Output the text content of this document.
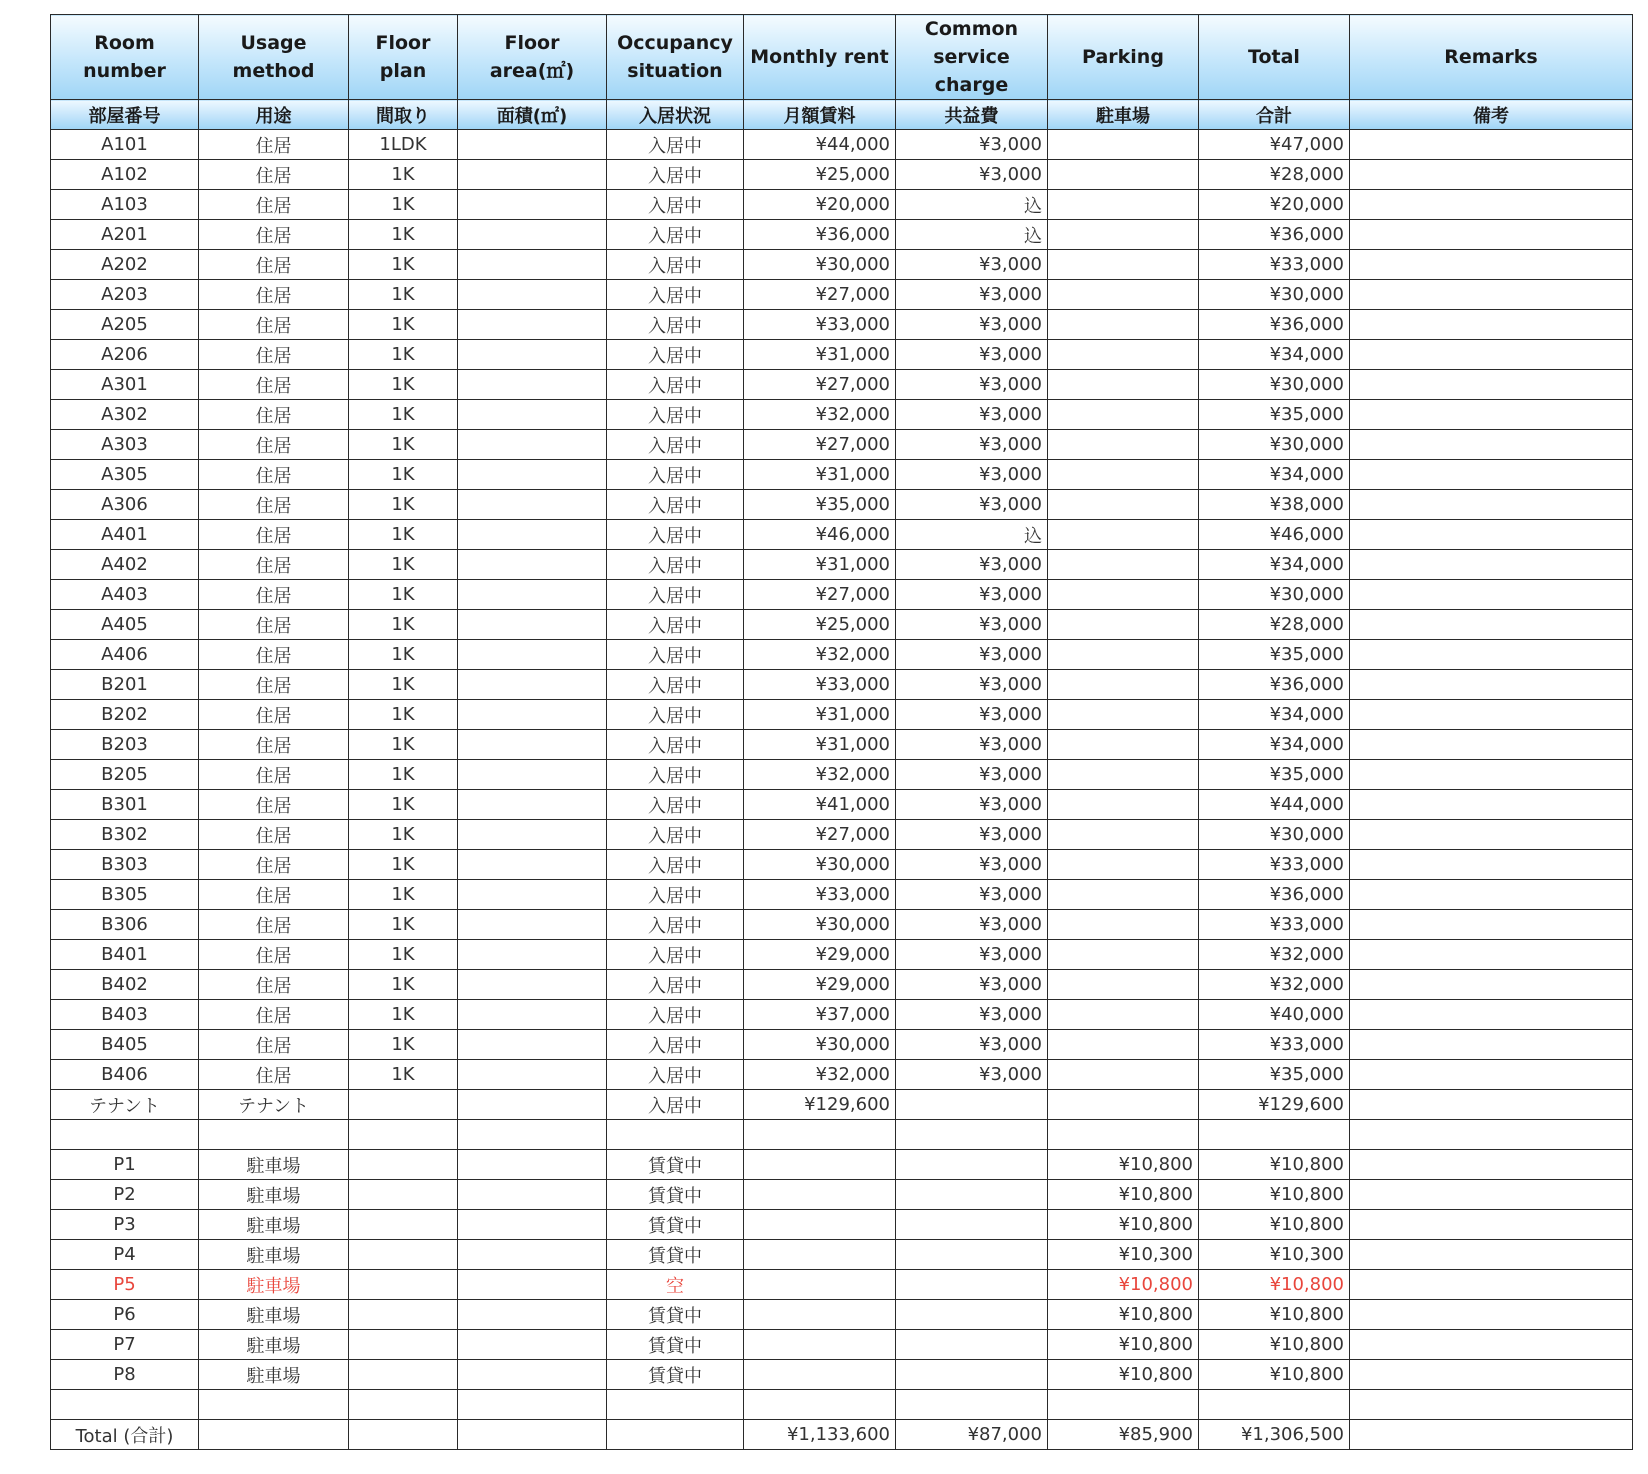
Room number	Usage method	Floor plan	Floor area(㎡)	Occupancy situation	Monthly rent	Common service charge	Parking	Total	Remarks
部屋番号	用途	間取り	面積(㎡)	入居状況	月額賃料	共益費	駐車場	合計	備考
A101	住居	1LDK		入居中	¥44,000	¥3,000		¥47,000	
A102	住居	1K		入居中	¥25,000	¥3,000		¥28,000	
A103	住居	1K		入居中	¥20,000	込		¥20,000	
A201	住居	1K		入居中	¥36,000	込		¥36,000	
A202	住居	1K		入居中	¥30,000	¥3,000		¥33,000	
A203	住居	1K		入居中	¥27,000	¥3,000		¥30,000	
A205	住居	1K		入居中	¥33,000	¥3,000		¥36,000	
A206	住居	1K		入居中	¥31,000	¥3,000		¥34,000	
A301	住居	1K		入居中	¥27,000	¥3,000		¥30,000	
A302	住居	1K		入居中	¥32,000	¥3,000		¥35,000	
A303	住居	1K		入居中	¥27,000	¥3,000		¥30,000	
A305	住居	1K		入居中	¥31,000	¥3,000		¥34,000	
A306	住居	1K		入居中	¥35,000	¥3,000		¥38,000	
A401	住居	1K		入居中	¥46,000	込		¥46,000	
A402	住居	1K		入居中	¥31,000	¥3,000		¥34,000	
A403	住居	1K		入居中	¥27,000	¥3,000		¥30,000	
A405	住居	1K		入居中	¥25,000	¥3,000		¥28,000	
A406	住居	1K		入居中	¥32,000	¥3,000		¥35,000	
B201	住居	1K		入居中	¥33,000	¥3,000		¥36,000	
B202	住居	1K		入居中	¥31,000	¥3,000		¥34,000	
B203	住居	1K		入居中	¥31,000	¥3,000		¥34,000	
B205	住居	1K		入居中	¥32,000	¥3,000		¥35,000	
B301	住居	1K		入居中	¥41,000	¥3,000		¥44,000	
B302	住居	1K		入居中	¥27,000	¥3,000		¥30,000	
B303	住居	1K		入居中	¥30,000	¥3,000		¥33,000	
B305	住居	1K		入居中	¥33,000	¥3,000		¥36,000	
B306	住居	1K		入居中	¥30,000	¥3,000		¥33,000	
B401	住居	1K		入居中	¥29,000	¥3,000		¥32,000	
B402	住居	1K		入居中	¥29,000	¥3,000		¥32,000	
B403	住居	1K		入居中	¥37,000	¥3,000		¥40,000	
B405	住居	1K		入居中	¥30,000	¥3,000		¥33,000	
B406	住居	1K		入居中	¥32,000	¥3,000		¥35,000	
テナント	テナント			入居中	¥129,600			¥129,600	

P1	駐車場			賃貸中			¥10,800	¥10,800	
P2	駐車場			賃貸中			¥10,800	¥10,800	
P3	駐車場			賃貸中			¥10,800	¥10,800	
P4	駐車場			賃貸中			¥10,300	¥10,300	
P5	駐車場			空			¥10,800	¥10,800	
P6	駐車場			賃貸中			¥10,800	¥10,800	
P7	駐車場			賃貸中			¥10,800	¥10,800	
P8	駐車場			賃貸中			¥10,800	¥10,800	

Total (合計)					¥1,133,600	¥87,000	¥85,900	¥1,306,500	
